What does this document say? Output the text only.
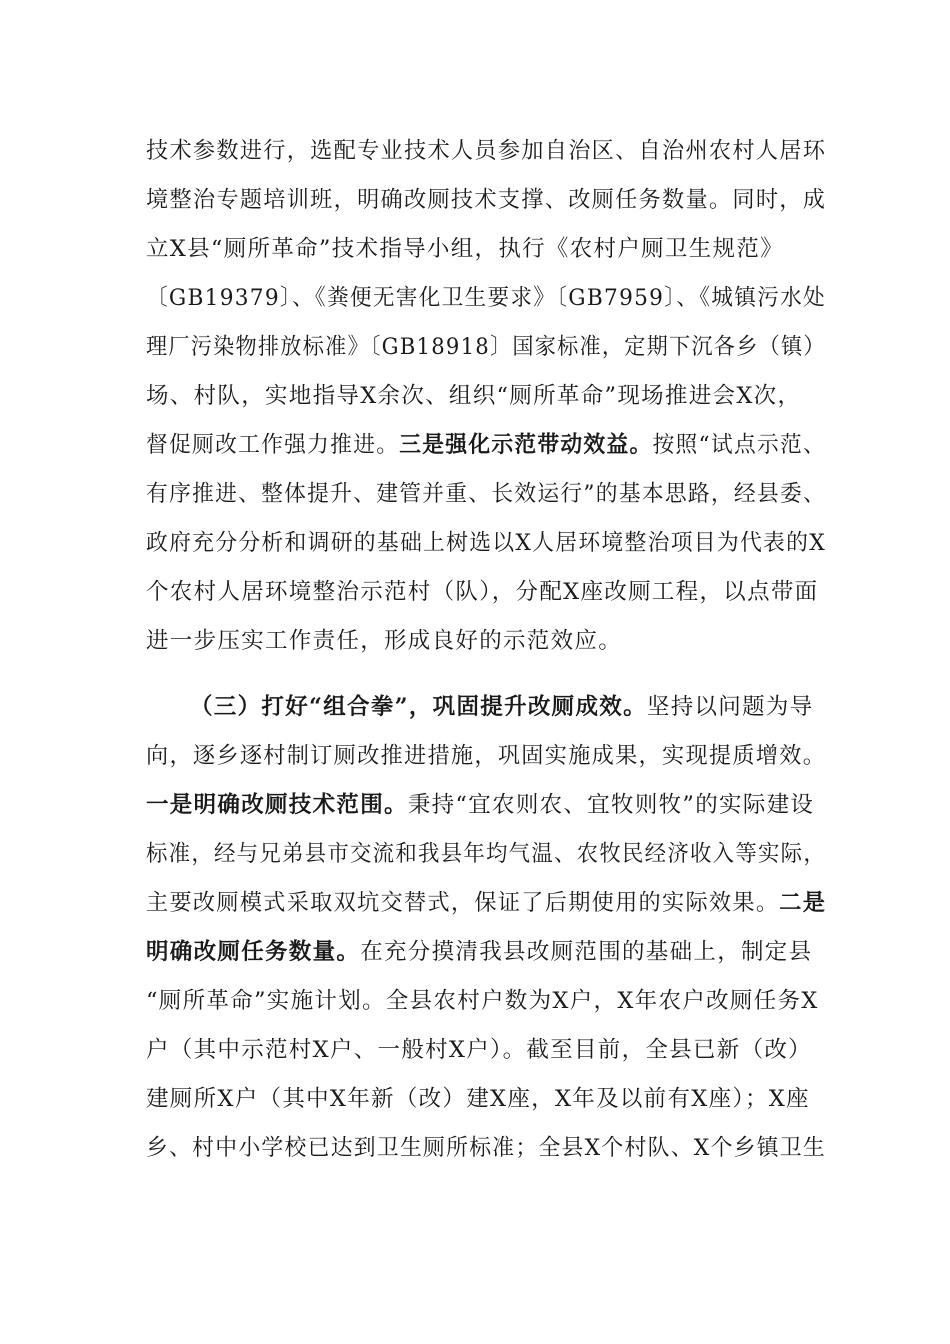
技术参数进行，选配专业技术人员参加自治区、自治州农村人居环
境整治专题培训班，明确改厕技术支撑、改厕任务数量。同时，成
立X县“厕所革命”技术指导小组，执行《农村户厕卫生规范》
〔GB19379〕、《粪便无害化卫生要求》〔GB7959〕、《城镇污水处
理厂污染物排放标准》〔GB18918〕国家标准，定期下沉各乡（镇）
场、村队，实地指导X余次、组织“厕所革命”现场推进会X次，
督促厕改工作强力推进。三是强化示范带动效益。按照“试点示范、
有序推进、整体提升、建管并重、长效运行”的基本思路，经县委、
政府充分分析和调研的基础上树选以X人居环境整治项目为代表的X
个农村人居环境整治示范村（队），分配X座改厕工程，以点带面
进一步压实工作责任，形成良好的示范效应。
（三）打好“组合拳”，巩固提升改厕成效。坚持以问题为导
向，逐乡逐村制订厕改推进措施，巩固实施成果，实现提质增效。
一是明确改厕技术范围。秉持“宜农则农、宜牧则牧”的实际建设
标准，经与兄弟县市交流和我县年均气温、农牧民经济收入等实际，
主要改厕模式采取双坑交替式，保证了后期使用的实际效果。二是
明确改厕任务数量。在充分摸清我县改厕范围的基础上，制定县
“厕所革命”实施计划。全县农村户数为X户，X年农户改厕任务X
户（其中示范村X户、一般村X户）。截至目前，全县已新（改）
建厕所X户（其中X年新（改）建X座，X年及以前有X座）；X座
乡、村中小学校已达到卫生厕所标准；全县X个村队、X个乡镇卫生
